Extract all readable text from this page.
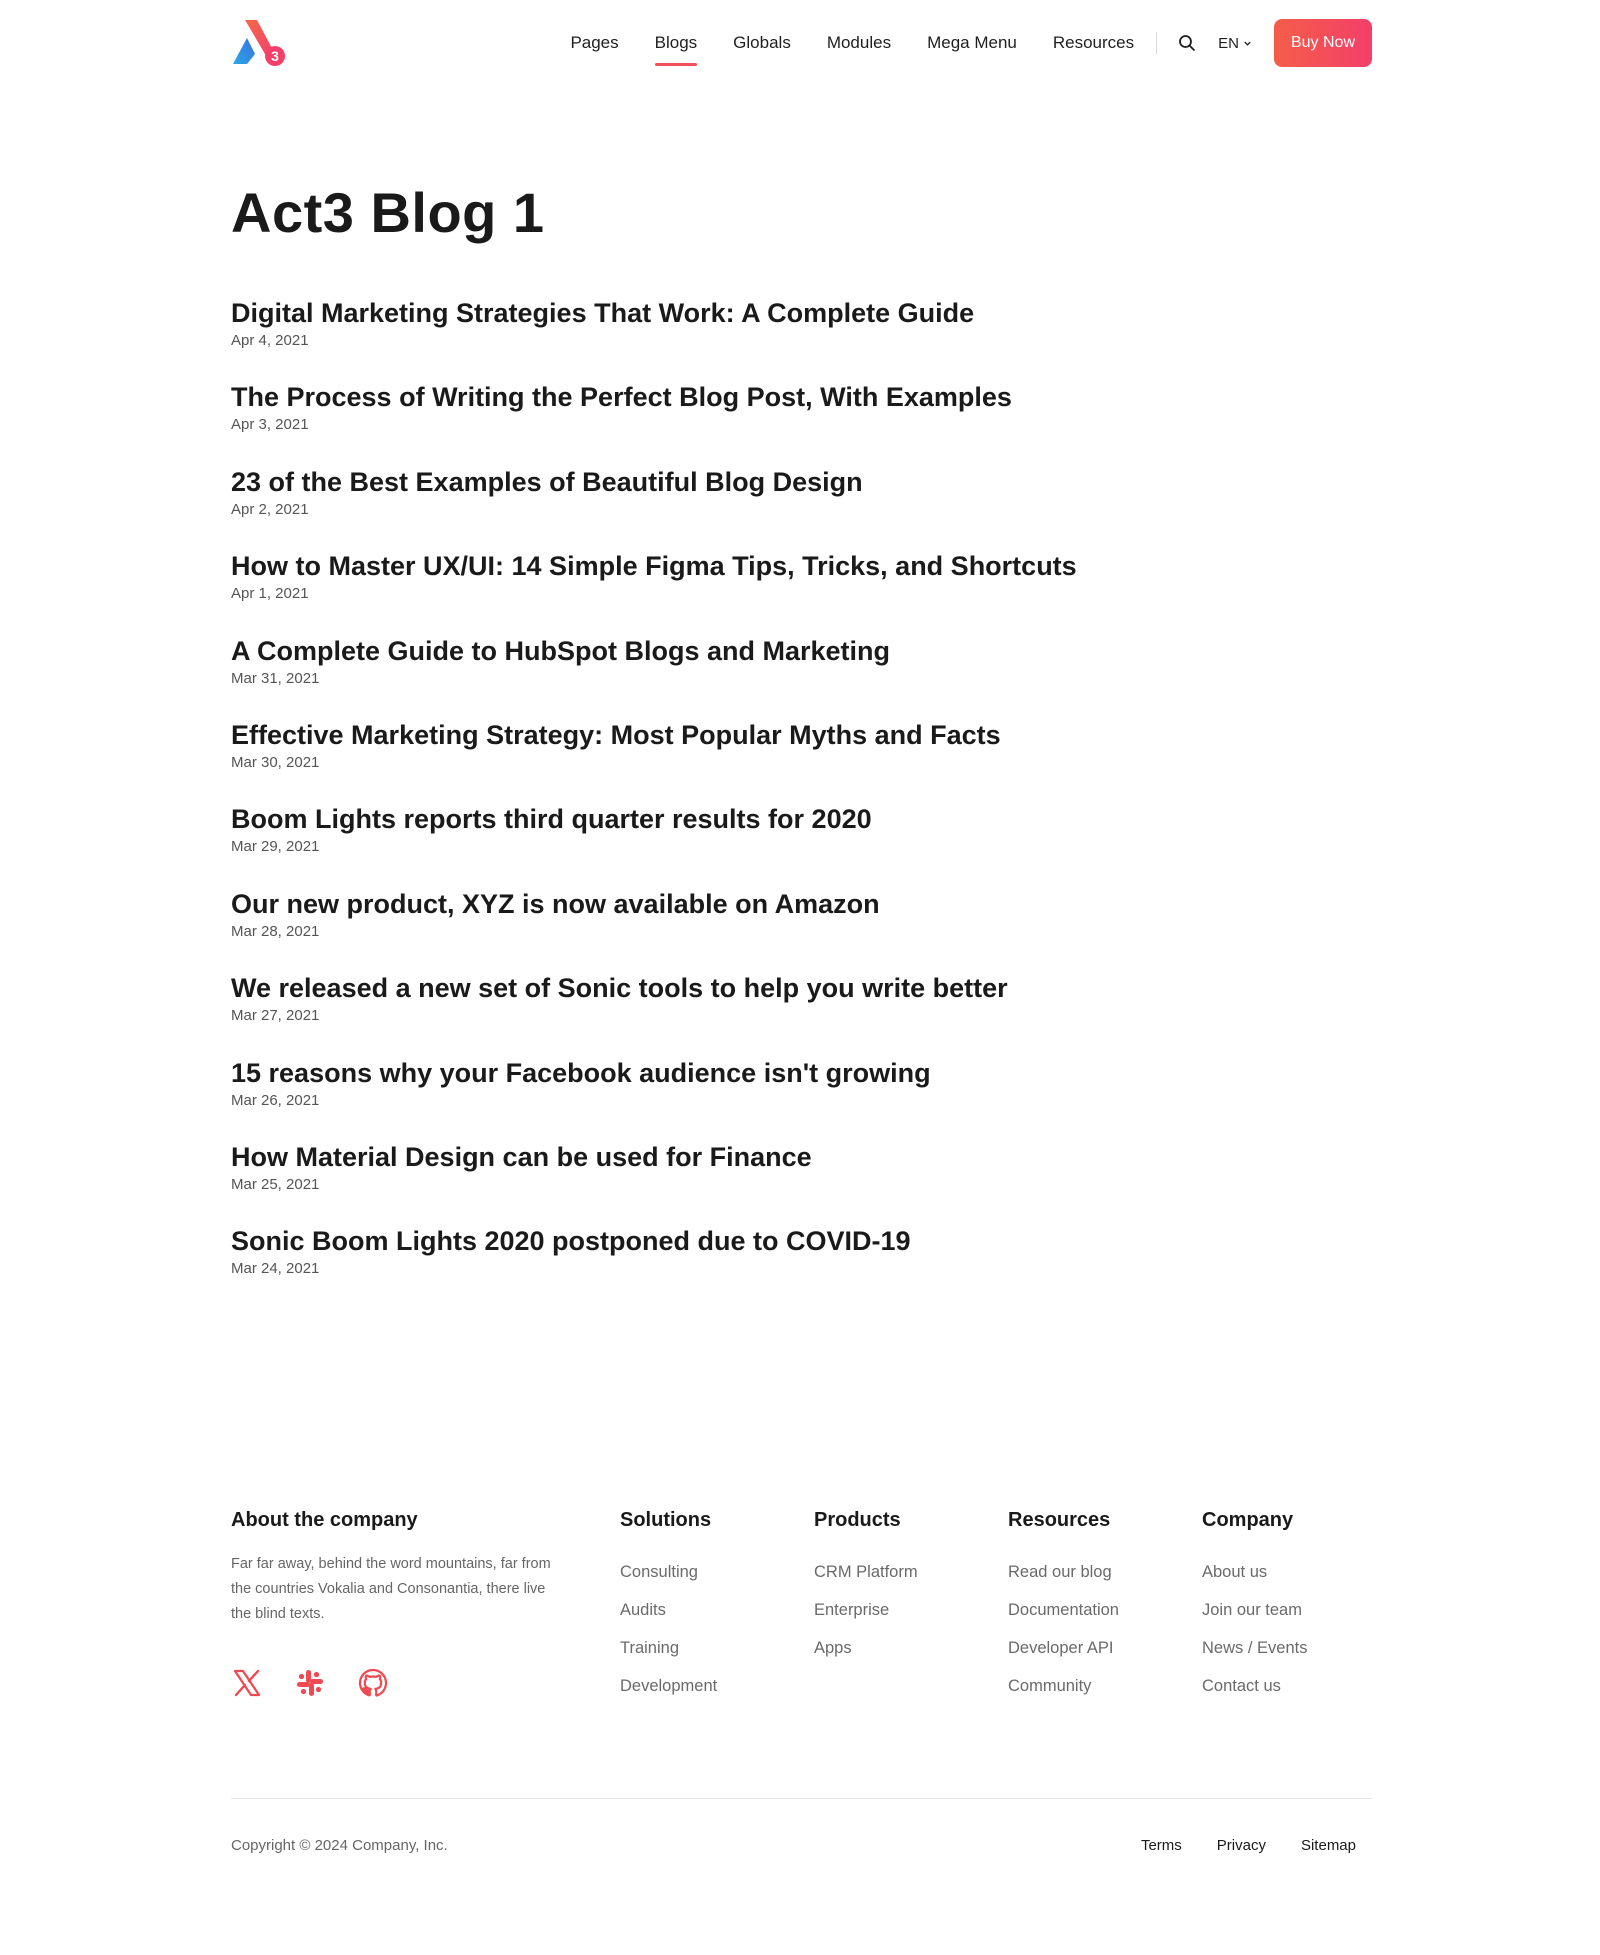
3
Pages Blogs Globals Modules Mega Menu Resources	EN	Buy Now
Act3 Blog 1
Digital Marketing Strategies That Work: A Complete Guide
Apr 4, 2021
The Process of Writing the Perfect Blog Post, With Examples
Apr 3, 2021
23 of the Best Examples of Beautiful Blog Design
Apr 2, 2021
How to Master UX/UI: 14 Simple Figma Tips, Tricks, and Shortcuts
Apr 1, 2021
A Complete Guide to HubSpot Blogs and Marketing
Mar 31, 2021
Effective Marketing Strategy: Most Popular Myths and Facts
Mar 30, 2021
Boom Lights reports third quarter results for 2020
Mar 29, 2021
Our new product, XYZ is now available on Amazon
Mar 28, 2021
We released a new set of Sonic tools to help you write better
Mar 27, 2021
15 reasons why your Facebook audience isn't growing
Mar 26, 2021
How Material Design can be used for Finance
Mar 25, 2021
Sonic Boom Lights 2020 postponed due to COVID-19
Mar 24, 2021
About the company

Far far away, behind the word mountains, far from the countries Vokalia and Consonantia, there live the blind texts.

Solutions
Consulting
Audits
Training
Development
Products
CRM Platform
Enterprise
Apps
Resources
Read our blog
Documentation
Developer API
Community
Company
About us
Join our team
News / Events
Contact us
Copyright © 2024 Company, Inc.	Terms Privacy Sitemap
